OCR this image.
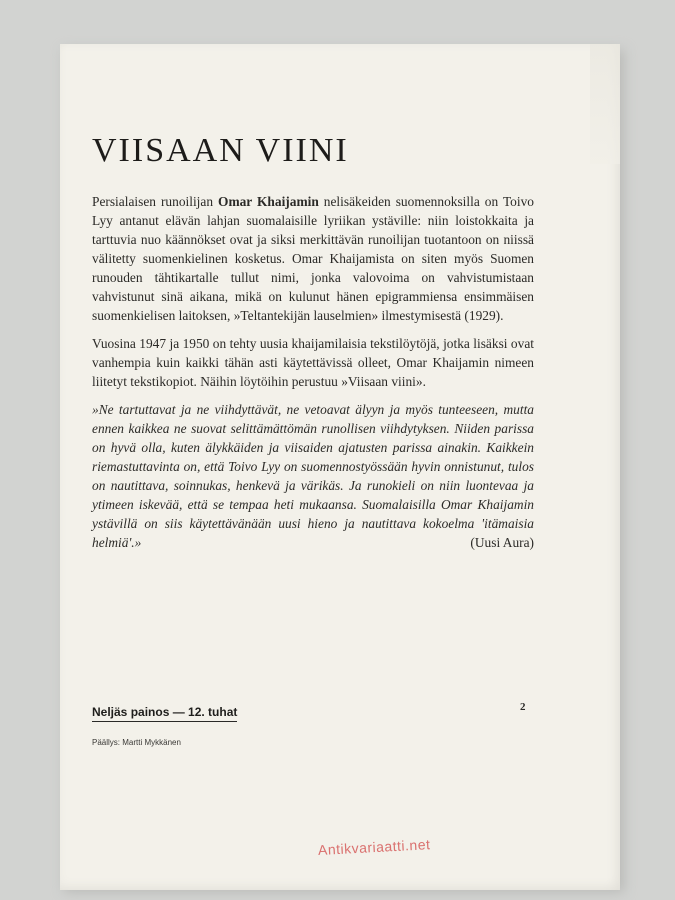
VIISAAN VIINI

Persialaisen runoilijan Omar Khaijamin nelisäkeiden suomennoksilla on Toivo Lyy antanut elävän lahjan suomalaisille lyriikan ystäville: niin loistokkaita ja tarttuvia nuo käännökset ovat ja siksi merkittävän runoilijan tuotantoon on niissä välitetty suomenkielinen kosketus. Omar Khaijamista on siten myös Suomen runouden tähtikartalle tullut nimi, jonka valovoima on vahvistumistaan vahvistunut sinä aikana, mikä on kulunut hänen epigrammiensa ensimmäisen suomenkielisen laitoksen, »Teltantekijän lauselmien» ilmestymisestä (1929).

Vuosina 1947 ja 1950 on tehty uusia khaijamilaisia tekstilöytöjä, jotka lisäksi ovat vanhempia kuin kaikki tähän asti käytettävissä olleet, Omar Khaijamin nimeen liitetyt tekstikopiot. Näihin löytöihin perustuu »Viisaan viini».

»Ne tartuttavat ja ne viihdyttävät, ne vetoavat älyyn ja myös tunteeseen, mutta ennen kaikkea ne suovat selittämättömän runollisen viihdytyksen. Niiden parissa on hyvä olla, kuten älykkäiden ja viisaiden ajatusten parissa ainakin. Kaikkein riemastuttavinta on, että Toivo Lyy on suomennostyössään hyvin onnistunut, tulos on nautittava, soinnukas, henkevä ja värikäs. Ja runokieli on niin luontevaa ja ytimeen iskevää, että se tempaa heti mukaansa. Suomalaisilla Omar Khaijamin ystävillä on siis käytettävänään uusi hieno ja nautittava kokoelma 'itämaisia helmiä'.»	(Uusi Aura)

Neljäs painos — 12. tuhat	2
Päällys: Martti Mykkänen
Antikvariaatti.net
